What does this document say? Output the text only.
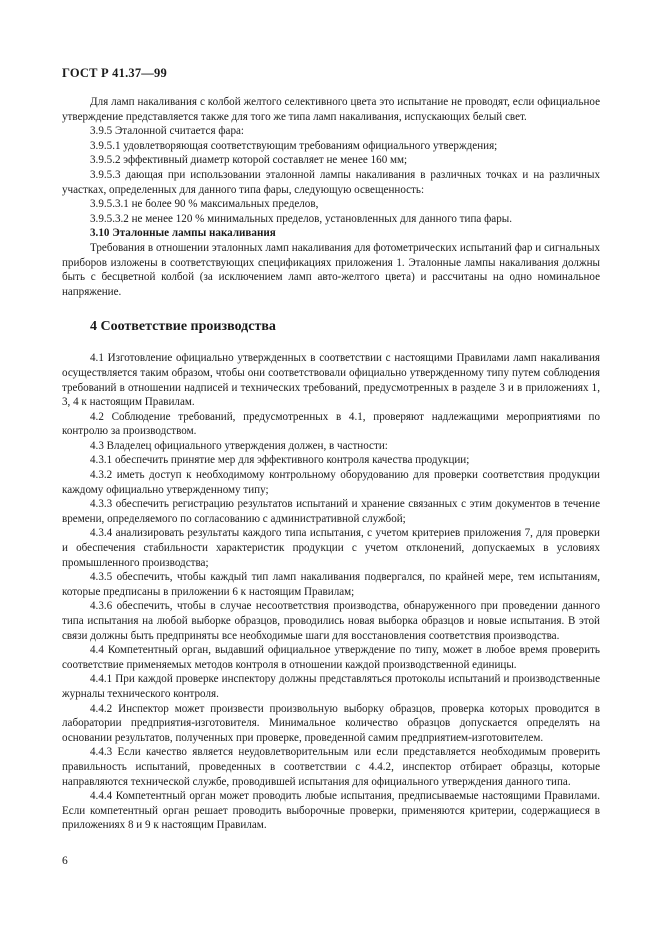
ГОСТ Р 41.37—99

Для ламп накаливания с колбой желтого селективного цвета это испытание не проводят, если официальное утверждение представляется также для того же типа ламп накаливания, испускающих белый свет.

3.9.5 Эталонной считается фара:

3.9.5.1 удовлетворяющая соответствующим требованиям официального утверждения;

3.9.5.2 эффективный диаметр которой составляет не менее 160 мм;

3.9.5.3 дающая при использовании эталонной лампы накаливания в различных точках и на различных участках, определенных для данного типа фары, следующую освещенность:

3.9.5.3.1 не более 90 % максимальных пределов,

3.9.5.3.2 не менее 120 % минимальных пределов, установленных для данного типа фары.

3.10 Эталонные лампы накаливания

Требования в отношении эталонных ламп накаливания для фотометрических испытаний фар и сигнальных приборов изложены в соответствующих спецификациях приложения 1. Эталонные лампы накаливания должны быть с бесцветной колбой (за исключением ламп авто-желтого цвета) и рассчитаны на одно номинальное напряжение.

4 Соответствие производства

4.1 Изготовление официально утвержденных в соответствии с настоящими Правилами ламп накаливания осуществляется таким образом, чтобы они соответствовали официально утвержденному типу путем соблюдения требований в отношении надписей и технических требований, предусмотренных в разделе 3 и в приложениях 1, 3, 4 к настоящим Правилам.

4.2 Соблюдение требований, предусмотренных в 4.1, проверяют надлежащими мероприятиями по контролю за производством.

4.3 Владелец официального утверждения должен, в частности:

4.3.1 обеспечить принятие мер для эффективного контроля качества продукции;

4.3.2 иметь доступ к необходимому контрольному оборудованию для проверки соответствия продукции каждому официально утвержденному типу;

4.3.3 обеспечить регистрацию результатов испытаний и хранение связанных с этим документов в течение времени, определяемого по согласованию с административной службой;

4.3.4 анализировать результаты каждого типа испытания, с учетом критериев приложения 7, для проверки и обеспечения стабильности характеристик продукции с учетом отклонений, допускаемых в условиях промышленного производства;

4.3.5 обеспечить, чтобы каждый тип ламп накаливания подвергался, по крайней мере, тем испытаниям, которые предписаны в приложении 6 к настоящим Правилам;

4.3.6 обеспечить, чтобы в случае несоответствия производства, обнаруженного при проведении данного типа испытания на любой выборке образцов, проводились новая выборка образцов и новые испытания. В этой связи должны быть предприняты все необходимые шаги для восстановления соответствия производства.

4.4 Компетентный орган, выдавший официальное утверждение по типу, может в любое время проверить соответствие применяемых методов контроля в отношении каждой производственной единицы.

4.4.1 При каждой проверке инспектору должны представляться протоколы испытаний и производственные журналы технического контроля.

4.4.2 Инспектор может произвести произвольную выборку образцов, проверка которых проводится в лаборатории предприятия-изготовителя. Минимальное количество образцов допускается определять на основании результатов, полученных при проверке, проведенной самим предприятием-изготовителем.

4.4.3 Если качество является неудовлетворительным или если представляется необходимым проверить правильность испытаний, проведенных в соответствии с 4.4.2, инспектор отбирает образцы, которые направляются технической службе, проводившей испытания для официального утверждения данного типа.

4.4.4 Компетентный орган может проводить любые испытания, предписываемые настоящими Правилами. Если компетентный орган решает проводить выборочные проверки, применяются критерии, содержащиеся в приложениях 8 и 9 к настоящим Правилам.

6
